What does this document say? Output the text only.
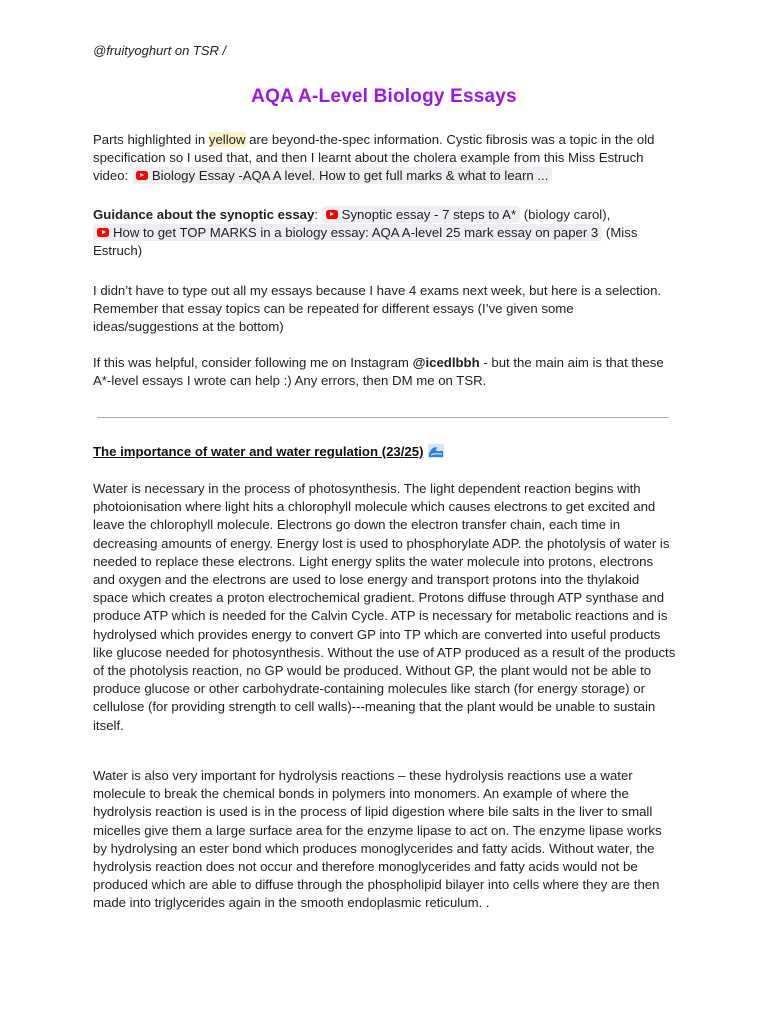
@fruityoghurt on TSR /
AQA A-Level Biology Essays

Parts highlighted in yellow are beyond-the-spec information. Cystic fibrosis was a topic in the old specification so I used that, and then I learnt about the cholera example from this Miss Estruch video: Biology Essay -AQA A level. How to get full marks & what to learn ...

Guidance about the synoptic essay: Synoptic essay - 7 steps to A* (biology carol),
How to get TOP MARKS in a biology essay: AQA A-level 25 mark essay on paper 3 (Miss Estruch)

I didn’t have to type out all my essays because I have 4 exams next week, but here is a selection. Remember that essay topics can be repeated for different essays (I’ve given some ideas/suggestions at the bottom)

If this was helpful, consider following me on Instagram @icedlbbh - but the main aim is that these A*-level essays I wrote can help :) Any errors, then DM me on TSR.

The importance of water and water regulation (23/25)

Water is necessary in the process of photosynthesis. The light dependent reaction begins with photoionisation where light hits a chlorophyll molecule which causes electrons to get excited and leave the chlorophyll molecule. Electrons go down the electron transfer chain, each time in decreasing amounts of energy. Energy lost is used to phosphorylate ADP. the photolysis of water is needed to replace these electrons. Light energy splits the water molecule into protons, electrons and oxygen and the electrons are used to lose energy and transport protons into the thylakoid space which creates a proton electrochemical gradient. Protons diffuse through ATP synthase and produce ATP which is needed for the Calvin Cycle. ATP is necessary for metabolic reactions and is hydrolysed which provides energy to convert GP into TP which are converted into useful products like glucose needed for photosynthesis. Without the use of ATP produced as a result of the products of the photolysis reaction, no GP would be produced. Without GP, the plant would not be able to produce glucose or other carbohydrate-containing molecules like starch (for energy storage) or cellulose (for providing strength to cell walls)---meaning that the plant would be unable to sustain itself.

Water is also very important for hydrolysis reactions – these hydrolysis reactions use a water molecule to break the chemical bonds in polymers into monomers. An example of where the hydrolysis reaction is used is in the process of lipid digestion where bile salts in the liver to small micelles give them a large surface area for the enzyme lipase to act on. The enzyme lipase works by hydrolysing an ester bond which produces monoglycerides and fatty acids. Without water, the hydrolysis reaction does not occur and therefore monoglycerides and fatty acids would not be produced which are able to diffuse through the phospholipid bilayer into cells where they are then made into triglycerides again in the smooth endoplasmic reticulum. .
